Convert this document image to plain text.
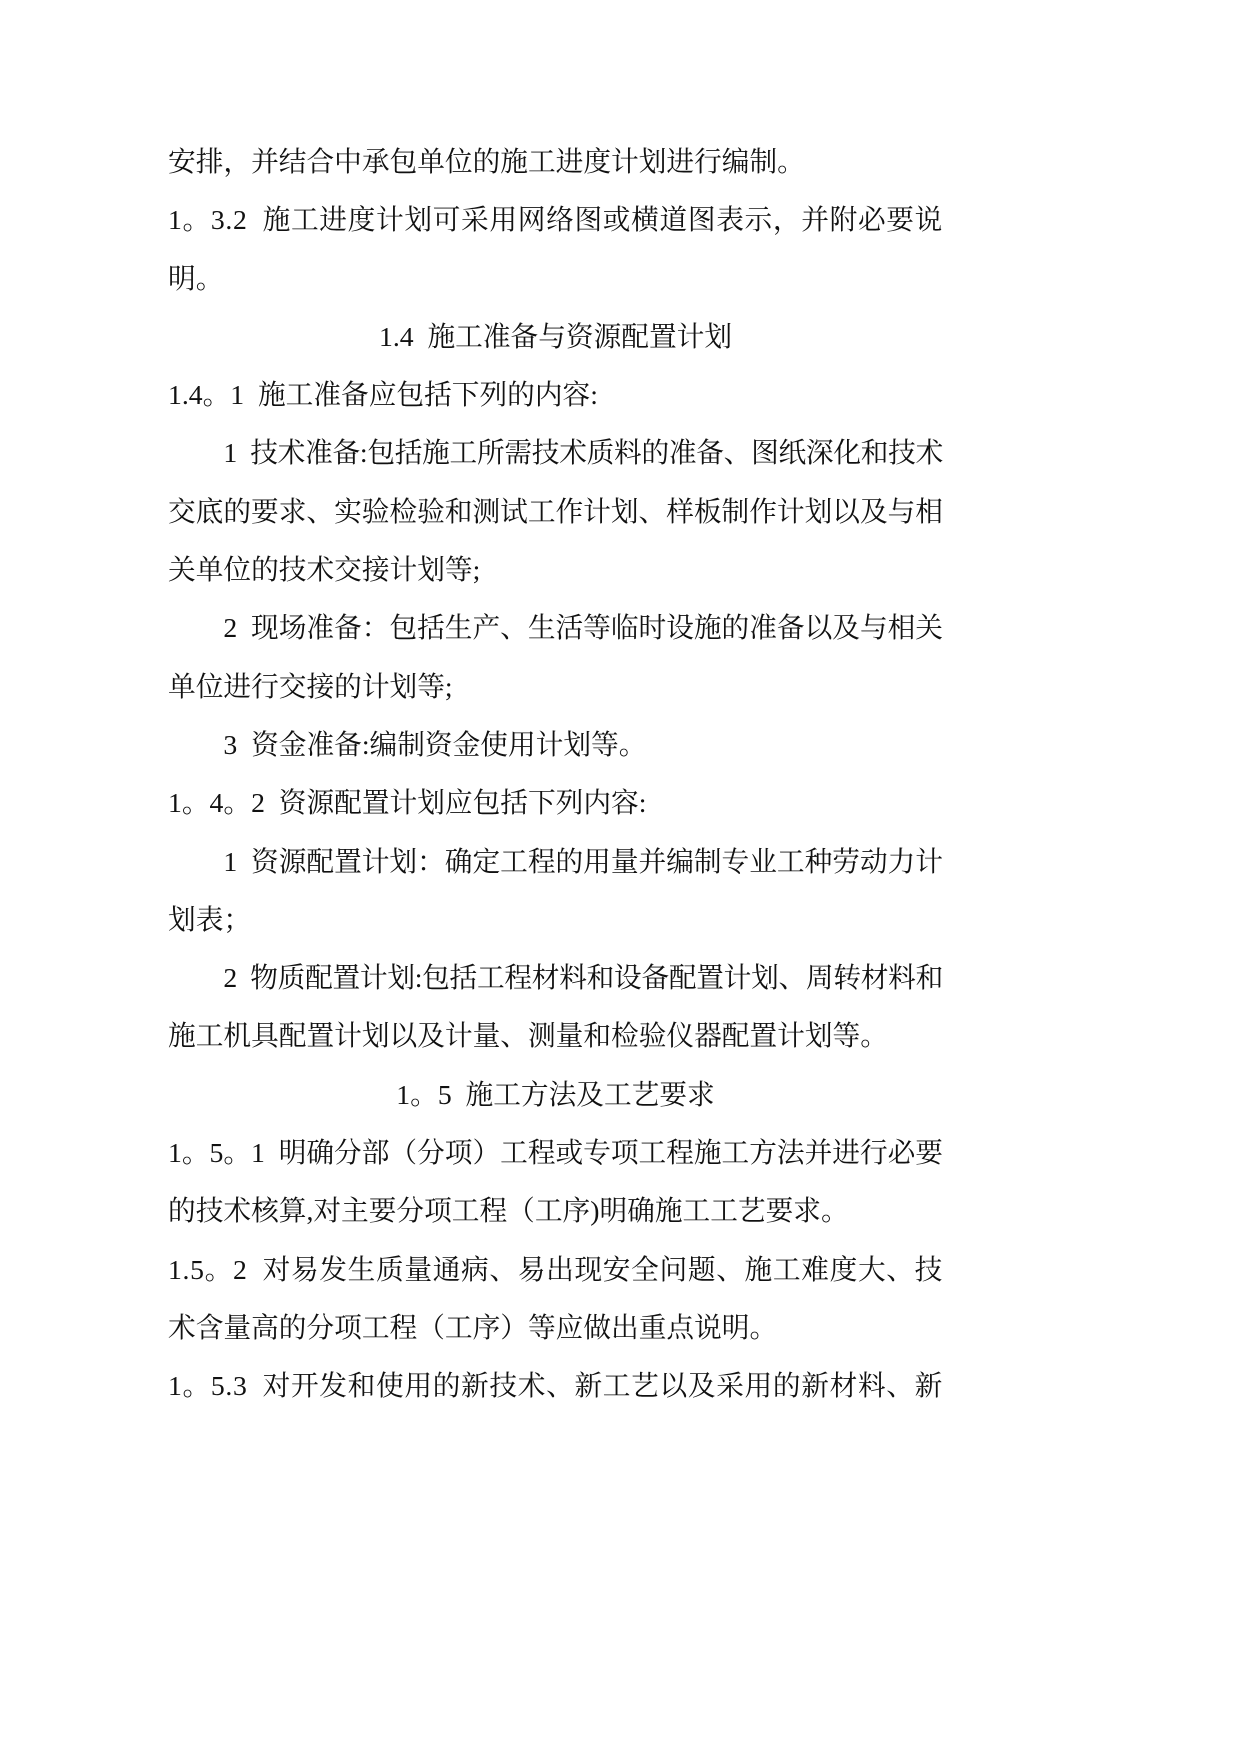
安排，并结合中承包单位的施工进度计划进行编制。
1。3.2  施工进度计划可采用网络图或横道图表示，并附必要说
明。
1.4  施工准备与资源配置计划
1.4。1  施工准备应包括下列的内容:
1  技术准备:包括施工所需技术质料的准备、图纸深化和技术
交底的要求、实验检验和测试工作计划、样板制作计划以及与相
关单位的技术交接计划等;
2  现场准备：包括生产、生活等临时设施的准备以及与相关
单位进行交接的计划等;
3  资金准备:编制资金使用计划等。
1。4。2  资源配置计划应包括下列内容:
1  资源配置计划：确定工程的用量并编制专业工种劳动力计
划表；
2  物质配置计划:包括工程材料和设备配置计划、周转材料和
施工机具配置计划以及计量、测量和检验仪器配置计划等。
1。5  施工方法及工艺要求
1。5。1  明确分部（分项）工程或专项工程施工方法并进行必要
的技术核算,对主要分项工程（工序)明确施工工艺要求。
1.5。2  对易发生质量通病、易出现安全问题、施工难度大、技
术含量高的分项工程（工序）等应做出重点说明。
1。5.3  对开发和使用的新技术、新工艺以及采用的新材料、新
